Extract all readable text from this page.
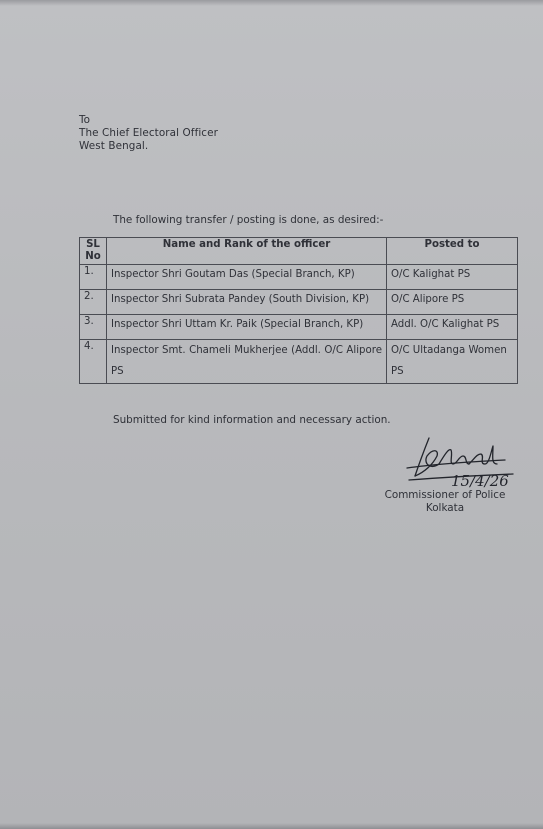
To
The Chief Electoral Officer
West Bengal.
The following transfer / posting is done, as desired:-
SL No	Name and Rank of the officer	Posted to
1.	Inspector Shri Goutam Das (Special Branch, KP)	O/C Kalighat PS
2.	Inspector Shri Subrata Pandey (South Division, KP)	O/C Alipore PS
3.	Inspector Shri Uttam Kr. Paik (Special Branch, KP)	Addl. O/C Kalighat PS
4.	Inspector Smt. Chameli Mukherjee (Addl. O/C Alipore PS	O/C Ultadanga Women PS
Submitted for kind information and necessary action.
15/4/26
Commissioner of Police
Kolkata
